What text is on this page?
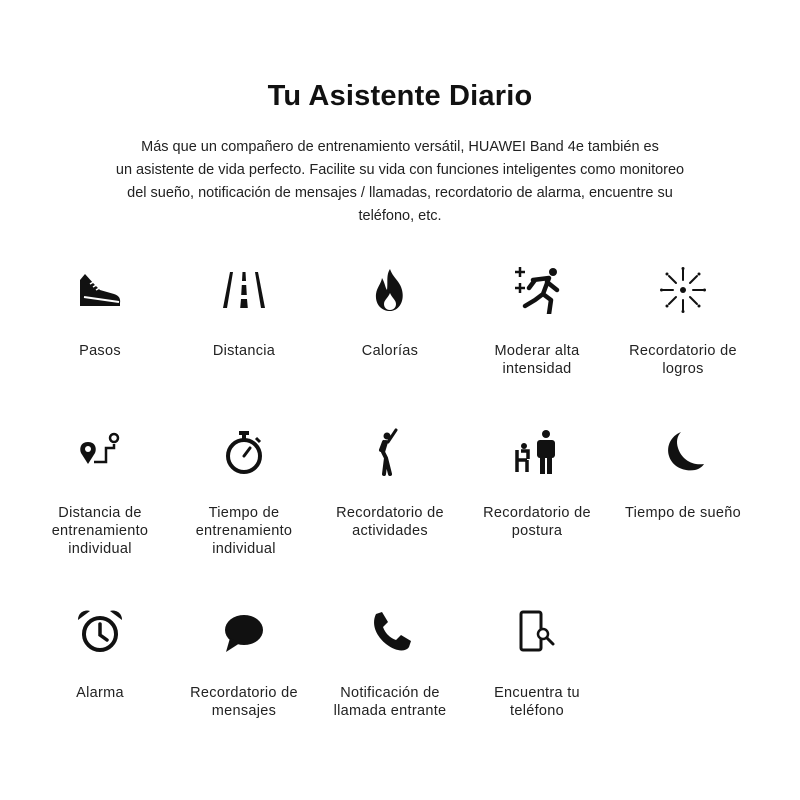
Tu Asistente Diario

Más que un compañero de entrenamiento versátil, HUAWEI Band 4e también es
un asistente de vida perfecto. Facilite su vida con funciones inteligentes como monitoreo
del sueño, notificación de mensajes / llamadas, recordatorio de alarma, encuentre su
teléfono, etc.

Pasos	Distancia	Calorías	Moderar alta
intensidad
Recordatorio de
logros
Distancia de
entrenamiento
individual
Tiempo de
entrenamiento
individual
Recordatorio de
actividades
Recordatorio de
postura
Tiempo de sueño
Alarma	Recordatorio de
mensajes
Notificación de
llamada entrante
Encuentra tu
teléfono
